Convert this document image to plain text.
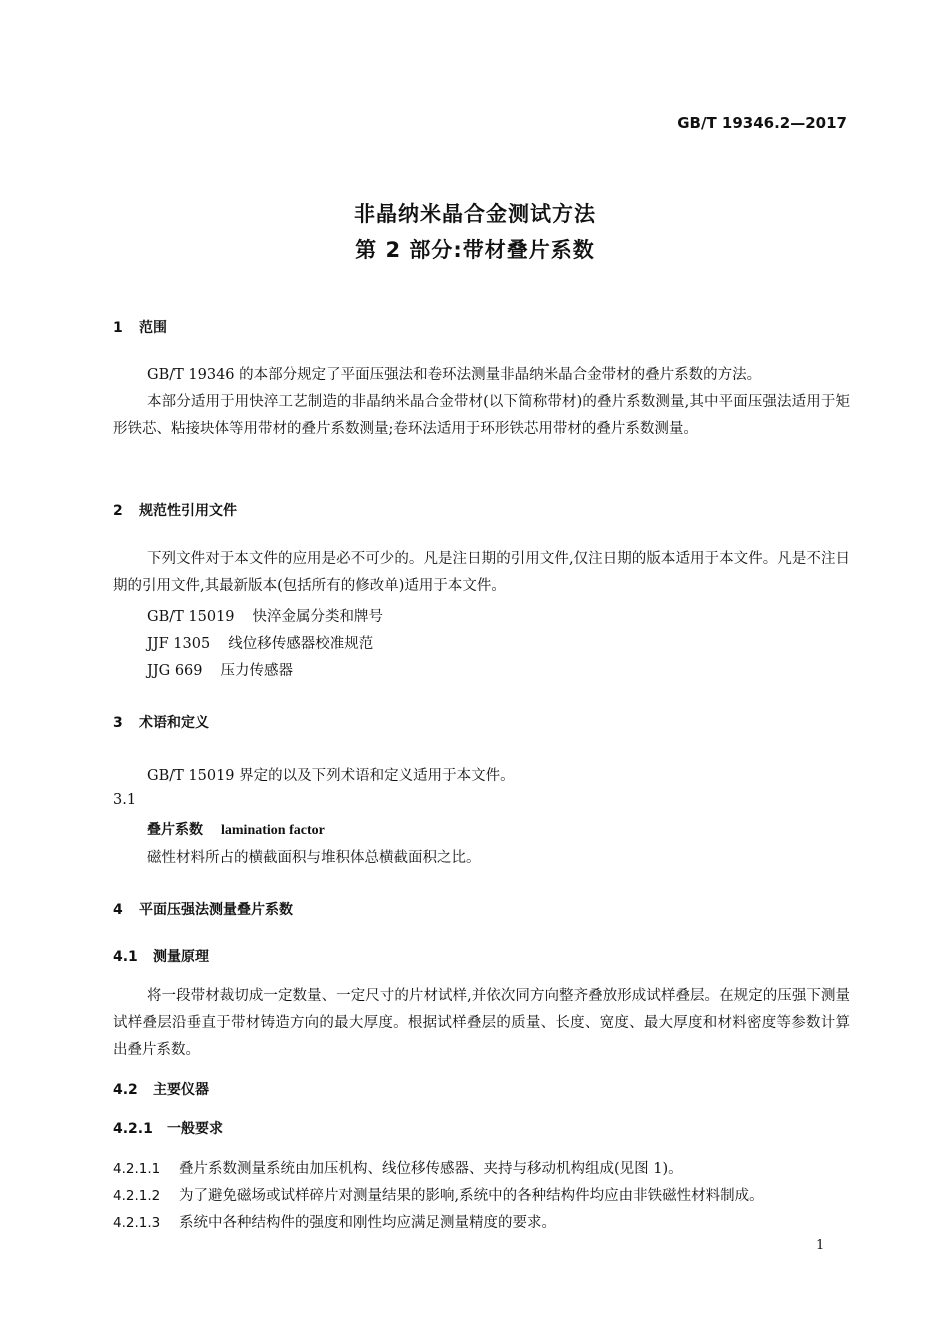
GB/T 19346.2—2017
非晶纳米晶合金测试方法
第 2 部分:带材叠片系数
1 范围
GB/T 19346 的本部分规定了平面压强法和卷环法测量非晶纳米晶合金带材的叠片系数的方法。
本部分适用于用快淬工艺制造的非晶纳米晶合金带材(以下简称带材)的叠片系数测量,其中平面压强法适用于矩形铁芯、粘接块体等用带材的叠片系数测量;卷环法适用于环形铁芯用带材的叠片系数测量。
2 规范性引用文件
下列文件对于本文件的应用是必不可少的。凡是注日期的引用文件,仅注日期的版本适用于本文件。凡是不注日期的引用文件,其最新版本(包括所有的修改单)适用于本文件。
GB/T 15019 快淬金属分类和牌号
JJF 1305 线位移传感器校准规范
JJG 669 压力传感器
3 术语和定义
GB/T 15019 界定的以及下列术语和定义适用于本文件。
3.1
叠片系数 lamination factor
磁性材料所占的横截面积与堆积体总横截面积之比。
4 平面压强法测量叠片系数
4.1 测量原理
将一段带材裁切成一定数量、一定尺寸的片材试样,并依次同方向整齐叠放形成试样叠层。在规定的压强下测量试样叠层沿垂直于带材铸造方向的最大厚度。根据试样叠层的质量、长度、宽度、最大厚度和材料密度等参数计算出叠片系数。
4.2 主要仪器
4.2.1 一般要求
4.2.1.1 叠片系数测量系统由加压机构、线位移传感器、夹持与移动机构组成(见图 1)。
4.2.1.2 为了避免磁场或试样碎片对测量结果的影响,系统中的各种结构件均应由非铁磁性材料制成。
4.2.1.3 系统中各种结构件的强度和刚性均应满足测量精度的要求。
1
